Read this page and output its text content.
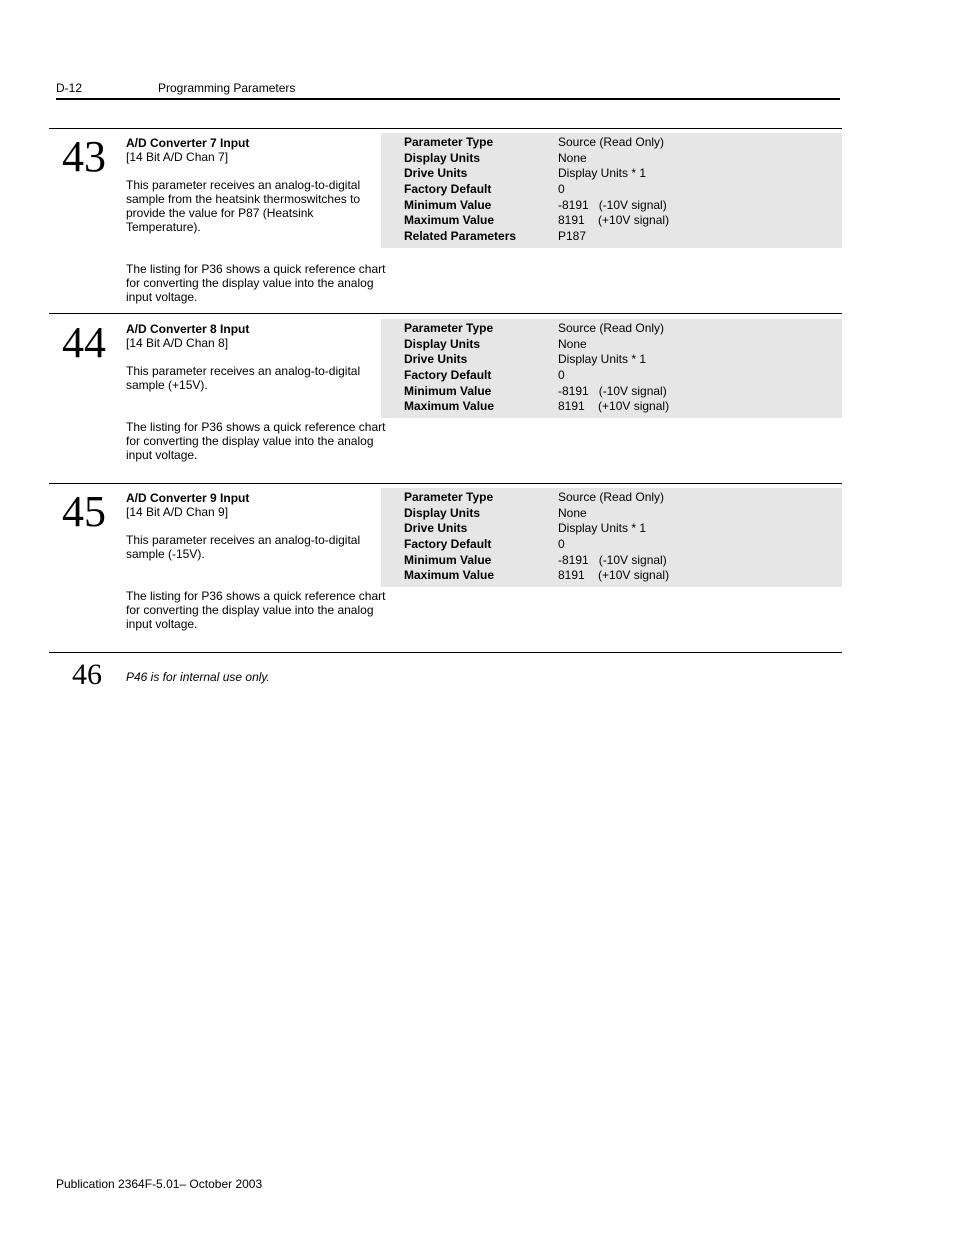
D-12	Programming Parameters
43 A/D Converter 7 Input
[14 Bit A/D Chan 7]

This parameter receives an analog-to-digital sample from the heatsink thermoswitches to provide the value for P87 (Heatsink Temperature).

The listing for P36 shows a quick reference chart for converting the display value into the analog input voltage.

Parameter Type	Source (Read Only)
Display Units	None
Drive Units	Display Units * 1
Factory Default	0
Minimum Value	-8191   (-10V signal)
Maximum Value	8191    (+10V signal)
Related Parameters	P187
44 A/D Converter 8 Input
[14 Bit A/D Chan 8]

This parameter receives an analog-to-digital sample (+15V).

The listing for P36 shows a quick reference chart for converting the display value into the analog input voltage.

Parameter Type	Source (Read Only)
Display Units	None
Drive Units	Display Units * 1
Factory Default	0
Minimum Value	-8191   (-10V signal)
Maximum Value	8191    (+10V signal)
45 A/D Converter 9 Input
[14 Bit A/D Chan 9]

This parameter receives an analog-to-digital sample (-15V).

The listing for P36 shows a quick reference chart for converting the display value into the analog input voltage.

Parameter Type	Source (Read Only)
Display Units	None
Drive Units	Display Units * 1
Factory Default	0
Minimum Value	-8191   (-10V signal)
Maximum Value	8191    (+10V signal)
46 P46 is for internal use only.
Publication 2364F-5.01– October 2003
